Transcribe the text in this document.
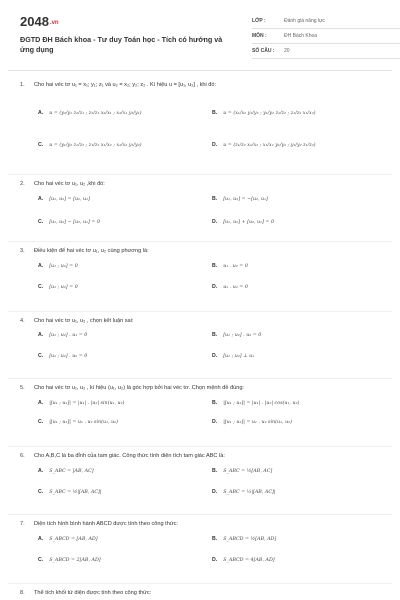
2048.vn
ĐGTD ĐH Bách khoa - Tư duy Toán học - Tích có hướng và ứng dụng
LỚP :	Đánh giá năng lực
MÔN :	ĐH Bách Khoa
SỐ CÂU :	20
1.	Cho hai véc tơ u₁ = x₁; y₁; z₁ và u₂ = x₂; y₂; z₂ . Kí hiệu u = [u₁, u₂] , khi đó:
A. u = (y₂/y₁ z₂/z₁ ; z₂/z₁ x₂/x₁ ; x₂/x₁ y₂/y₁)	B. u = (x₁/x₂ y₁/y₂ ; y₁/y₂ z₁/z₂ ; z₁/z₂ x₁/x₂)
C. u = (y₁/y₂ z₁/z₂ ; z₁/z₂ x₁/x₂ ; x₁/x₂ y₁/y₂)	D. u = (z₁/z₂ x₁/x₂ ; x₁/x₂ y₁/y₂ ; y₁/y₂ z₁/z₂)
2.	Cho hai véc tơ u₁, u₂ ,khi đó:
A. [u₁, u₂] = [u₂, u₁]	B. [u₁, u₂] = −[u₂, u₁]
C. [u₁, u₂] − [u₂, u₁] = 0	D. [u₁, u₂] + [u₂, u₁] = 0
3.	Điều kiện để hai véc tơ u₁, u₂ cùng phương là:
A. [u₁ ; u₂] = 0	B. u₁ . u₂ = 0
C. [u₁ ; u₂] = 0	D. u₁ . u₂ = 0
4.	Cho hai véc tơ u₁, u₂ , chọn kết luận sai:
A. [u₁ ; u₂] . u₁ = 0	B. [u₁ ; u₂] . u₂ = 0
C. [u₁ ; u₂] . u₂ = 0	D. [u₁ ; u₂] ⊥ u₁
5.	Cho hai véc tơ u₁, u₂ , kí hiệu (u₁, u₂) là góc hợp bởi hai véc tơ. Chọn mệnh đề đúng:
A. |[u₁ ; u₂]| = |u₁| . |u₂| sin(u₁, u₂)	B. |[u₁ ; u₂]| = |u₁| . |u₂| cos(u₁, u₂)
C. |[u₁ ; u₂]| = u₁ . u₂ sin(u₁, u₂)	D. |[u₁ ; u₂]| = u₁ . u₂ sin(u₁, u₂)
6.	Cho A,B,C là ba đỉnh của tam giác. Công thức tính diện tích tam giác ABC là:
A. S_ABC = [AB, AC]	B. S_ABC = ½[AB, AC]
C. S_ABC = ½|[AB, AC]|	D. S_ABC = ⅓|[AB, AC]|
7.	Diện tích hình bình hành ABCD được tính theo công thức:
A. S_ABCD = [AB, AD]	B. S_ABCD = ½[AB, AD]
C. S_ABCD = 2[AB, AD]	D. S_ABCD = 4[AB, AD]
8.	Thể tích khối tứ diện được tính theo công thức:
